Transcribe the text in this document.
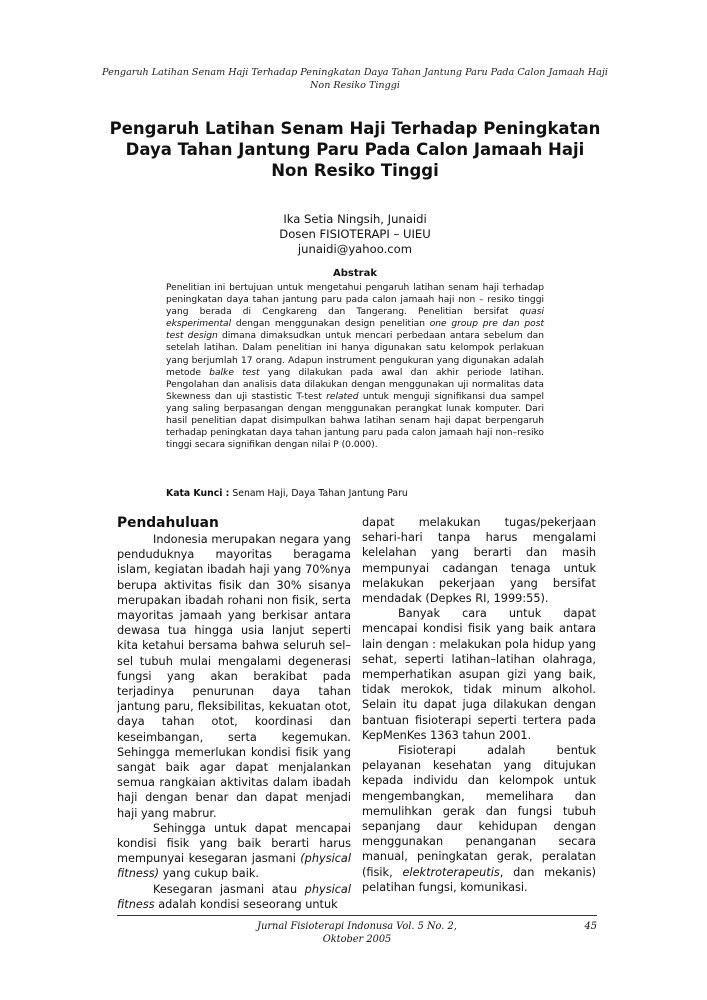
Pengaruh Latihan Senam Haji Terhadap Peningkatan Daya Tahan Jantung Paru Pada Calon Jamaah Haji Non Resiko Tinggi
Pengaruh Latihan Senam Haji Terhadap Peningkatan Daya Tahan Jantung Paru Pada Calon Jamaah Haji Non Resiko Tinggi
Ika Setia Ningsih, Junaidi
Dosen FISIOTERAPI – UIEU
junaidi@yahoo.com
Abstrak

Penelitian ini bertujuan untuk mengetahui pengaruh latihan senam haji terhadap peningkatan daya tahan jantung paru pada calon jamaah haji non – resiko tinggi yang berada di Cengkareng dan Tangerang. Penelitian bersifat quasi eksperimental dengan menggunakan design penelitian one group pre dan post test design dimana dimaksudkan untuk mencari perbedaan antara sebelum dan setelah latihan. Dalam penelitian ini hanya digunakan satu kelompok perlakuan yang berjumlah 17 orang. Adapun instrument pengukuran yang digunakan adalah metode balke test yang dilakukan pada awal dan akhir periode latihan. Pengolahan dan analisis data dilakukan dengan menggunakan uji normalitas data Skewness dan uji stastistic T-test related untuk menguji signifikansi dua sampel yang saling berpasangan dengan menggunakan perangkat lunak komputer. Dari hasil penelitian dapat disimpulkan bahwa latihan senam haji dapat berpengaruh terhadap peningkatan daya tahan jantung paru pada calon jamaah haji non–resiko tinggi secara signifikan dengan nilai P (0.000).

Kata Kunci : Senam Haji, Daya Tahan Jantung Paru
Pendahuluan

Indonesia merupakan negara yang penduduknya mayoritas beragama islam, kegiatan ibadah haji yang 70%nya berupa aktivitas fisik dan 30% sisanya merupakan ibadah rohani non fisik, serta mayoritas jamaah yang berkisar antara dewasa tua hingga usia lanjut seperti kita ketahui bersama bahwa seluruh sel–sel tubuh mulai mengalami degenerasi fungsi yang akan berakibat pada terjadinya penurunan daya tahan jantung paru, fleksibilitas, kekuatan otot, daya tahan otot, koordinasi dan keseimbangan, serta kegemukan. Sehingga memerlukan kondisi fisik yang sangat baik agar dapat menjalankan semua rangkaian aktivitas dalam ibadah haji dengan benar dan dapat menjadi haji yang mabrur.

Sehingga untuk dapat mencapai kondisi fisik yang baik berarti harus mempunyai kesegaran jasmani (physical fitness) yang cukup baik.

Kesegaran jasmani atau physical fitness adalah kondisi seseorang untuk

dapat melakukan tugas/pekerjaan sehari-hari tanpa harus mengalami kelelahan yang berarti dan masih mempunyai cadangan tenaga untuk melakukan pekerjaan yang bersifat mendadak (Depkes RI, 1999:55).

Banyak cara untuk dapat mencapai kondisi fisik yang baik antara lain dengan : melakukan pola hidup yang sehat, seperti latihan–latihan olahraga, memperhatikan asupan gizi yang baik, tidak merokok, tidak minum alkohol. Selain itu dapat juga dilakukan dengan bantuan fisioterapi seperti tertera pada KepMenKes 1363 tahun 2001.

Fisioterapi adalah bentuk pelayanan kesehatan yang ditujukan kepada individu dan kelompok untuk mengembangkan, memelihara dan memulihkan gerak dan fungsi tubuh sepanjang daur kehidupan dengan menggunakan penanganan secara manual, peningkatan gerak, peralatan (fisik, elektroterapeutis, dan mekanis) pelatihan fungsi, komunikasi.

Jurnal Fisioterapi Indonusa Vol. 5 No. 2, Oktober 2005
45
